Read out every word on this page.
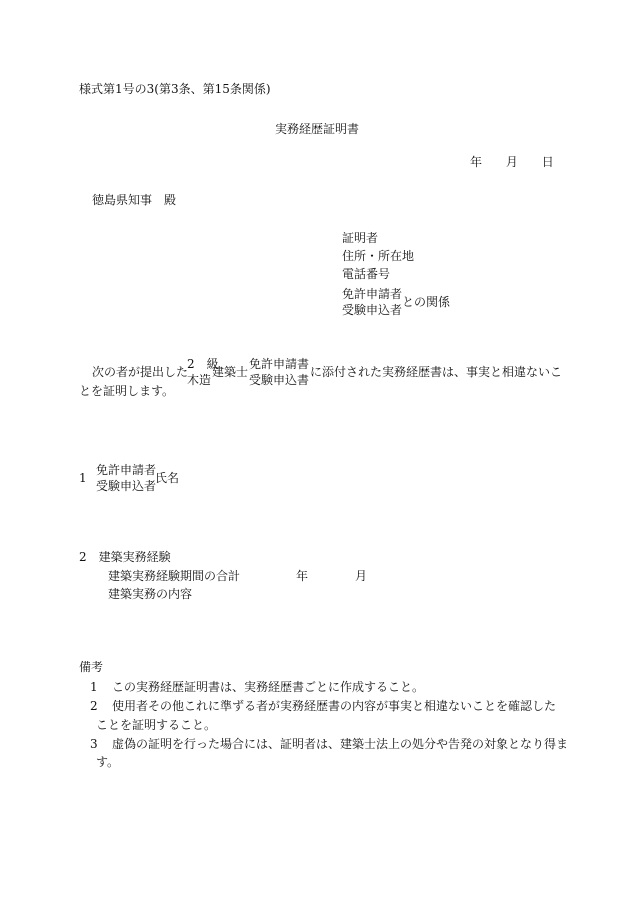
様式第1号の3(第3条、第15条関係)
実務経歴証明書
年 月 日
徳島県知事　殿
証明者
住所・所在地
電話番号
免許申請者
受験申込者
との関係
次の者が提出した
2　級
木造
建築士
免許申請書
受験申込書
に添付された実務経歴書は、事実と相違ないこ
とを証明します。
1
免許申請者
受験申込者
氏名
2　建築実務経験
建築実務経験期間の合計	年	月
建築実務の内容
備考
1 この実務経歴証明書は、実務経歴書ごとに作成すること。
2 使用者その他これに準ずる者が実務経歴書の内容が事実と相違ないことを確認した
ことを証明すること。
3 虚偽の証明を行った場合には、証明者は、建築士法上の処分や告発の対象となり得ま
す。
